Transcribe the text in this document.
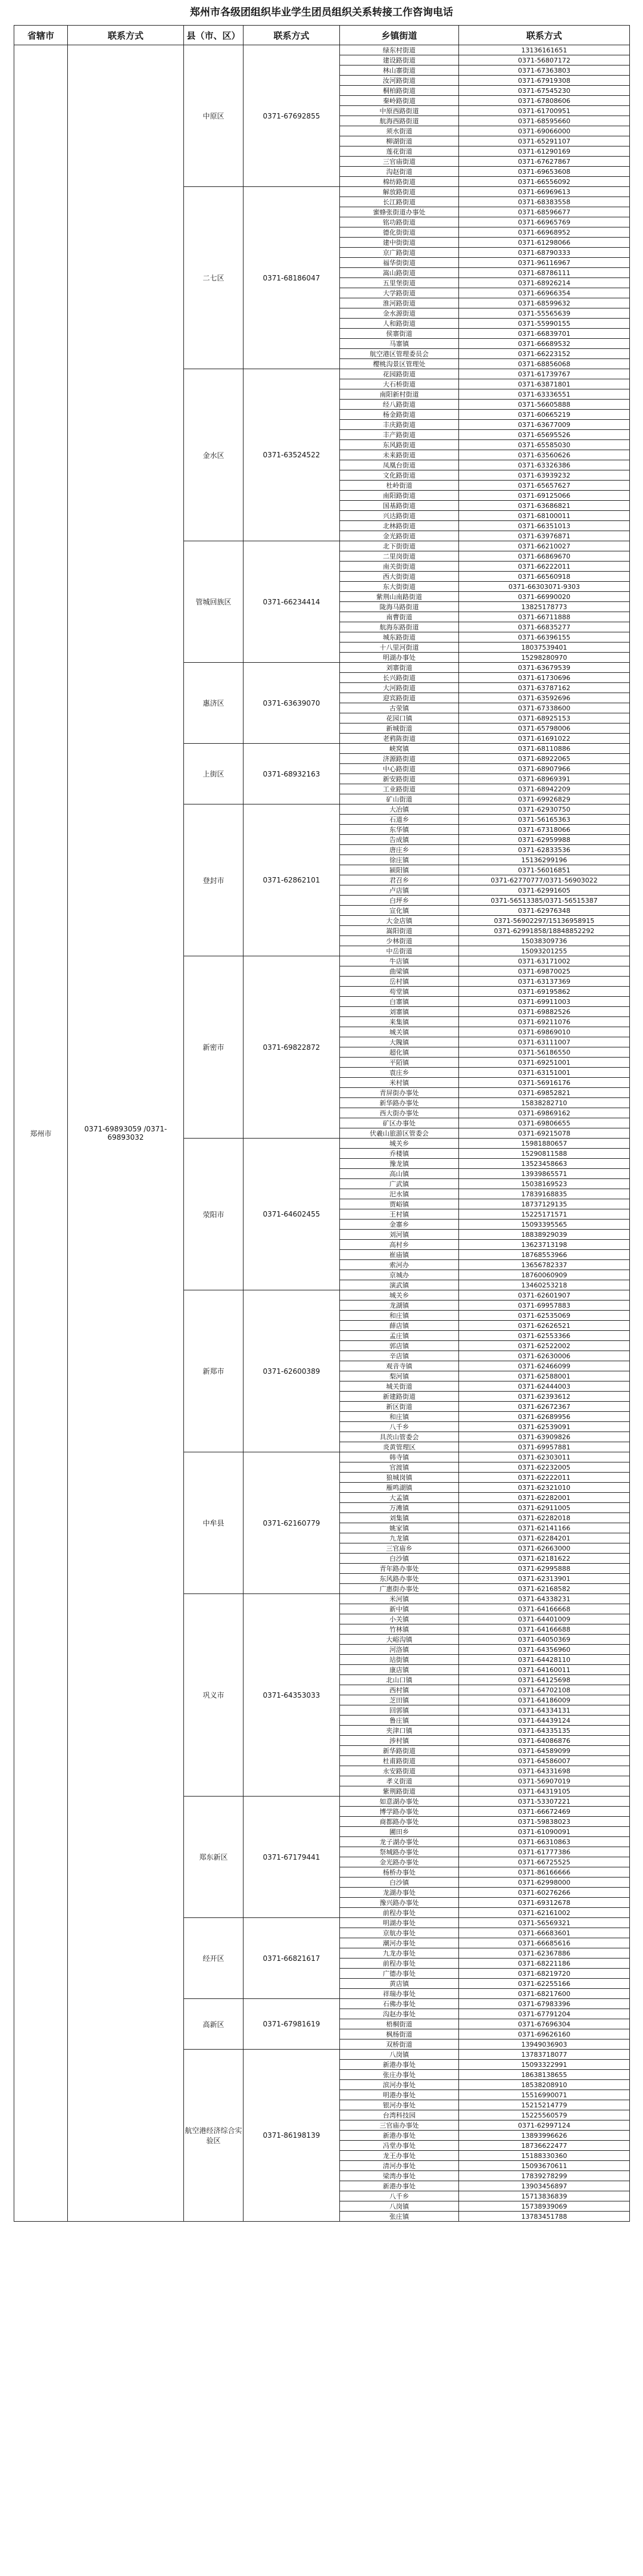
郑州市各级团组织毕业学生团员组织关系转接工作咨询电话
省辖市	联系方式	县（市、区）	联系方式	乡镇街道	联系方式
郑州市	0371-69893059 /0371-69893032	中原区	0371-67692855	绿东村街道	13136161651
				建设路街道	0371-56807172
				林山寨街道	0371-67363803
				汝河路街道	0371-67919308
				桐柏路街道	0371-67545230
				秦岭路街道	0371-67808606
				中原西路街道	0371-61700951
				航海西路街道	0371-68595660
				须水街道	0371-69066000
				柳湖街道	0371-65291107
				莲花街道	0371-61290169
				三官庙街道	0371-67627867
				沟赵街道	0371-69653608
				棉纺路街道	0371-66556092
		二七区	0371-68186047	解放路街道	0371-66969613
				长江路街道	0371-68383558
				蜜蜂张街道办事处	0371-68596677
				铭功路街道	0371-66965769
				德化街街道	0371-66968952
				建中街街道	0371-61298066
				京广路街道	0371-68790333
				福华街街道	0371-96116967
				嵩山路街道	0371-68786111
				五里堡街道	0371-68926214
				大学路街道	0371-66966354
				淮河路街道	0371-68599632
				金水源街道	0371-55565639
				人和路街道	0371-55990155
				侯寨街道	0371-66839701
				马寨镇	0371-66689532
				航空港区管理委员会	0371-66223152
				樱桃沟景区管理处	0371-68856068
		金水区	0371-63524522	花园路街道	0371-61739767
				大石桥街道	0371-63871801
				南阳新村街道	0371-63336551
				经八路街道	0371-56605888
				杨金路街道	0371-60665219
				丰庆路街道	0371-63677009
				丰产路街道	0371-65695526
				东风路街道	0371-65585030
				未来路街道	0371-63560626
				凤凰台街道	0371-63326386
				文化路街道	0371-63939232
				杜岭街道	0371-65657627
				南阳路街道	0371-69125066
				国基路街道	0371-63686821
				兴达路街道	0371-68100011
				北林路街道	0371-66351013
				金光路街道	0371-63976871
		管城回族区	0371-66234414	北下街街道	0371-66210027
				二里岗街道	0371-66869670
				南关街街道	0371-66222011
				西大街街道	0371-66560918
				东大街街道	0371-66303071-9303
				紫荆山南路街道	0371-66990020
				陇海马路街道	13825178773
				南曹街道	0371-66711888
				航海东路街道	0371-66835277
				城东路街道	0371-66396155
				十八里河街道	18037539401
				明湖办事处	15298280970
		惠济区	0371-63639070	刘寨街道	0371-63679539
				长兴路街道	0371-61730696
				大河路街道	0371-63787162
				迎宾路街道	0371-63592696
				古荥镇	0371-67338600
				花园口镇	0371-68925153
				新城街道	0371-65798006
				老鸦陈街道	0371-61691022
		上街区	0371-68932163	峡窝镇	0371-68110886
				济源路街道	0371-68922065
				中心路街道	0371-68907966
				新安路街道	0371-68969391
				工业路街道	0371-68942209
				矿山街道	0371-69926829
		登封市	0371-62862101	大冶镇	0371-62930750
				石道乡	0371-56165363
				东华镇	0371-67318066
				告成镇	0371-62959988
				唐庄乡	0371-62833536
				徐庄镇	15136299196
				颍阳镇	0371-56016851
				君召乡	0371-62770777/0371-56903022
				卢店镇	0371-62991605
				白坪乡	0371-56513385/0371-56515387
				宣化镇	0371-62976348
				大金店镇	0371-56902297/15136958915
				嵩阳街道	0371-62991858/18848852292
				少林街道	15038309736
				中岳街道	15093201255
		新密市	0371-69822872	牛店镇	0371-63171002
				曲梁镇	0371-69870025
				岳村镇	0371-63137369
				苟堂镇	0371-69195862
				白寨镇	0371-69911003
				刘寨镇	0371-69882526
				来集镇	0371-69211076
				城关镇	0371-69869010
				大隗镇	0371-63111007
				超化镇	0371-56186550
				平陌镇	0371-69251001
				袁庄乡	0371-63151001
				米村镇	0371-56916176
				青屏街办事处	0371-69852821
				新华路办事处	15838282710
				西大街办事处	0371-69869162
				矿区办事处	0371-69806655
				伏羲山旅游区管委会	0371-69215078
		荥阳市	0371-64602455	城关乡	15981880657
				乔楼镇	15290811588
				豫龙镇	13523458663
				高山镇	13939865571
				广武镇	15038169523
				汜水镇	17839168835
				贾峪镇	18737129135
				王村镇	15225171571
				金寨乡	15093395565
				刘河镇	18838929039
				高村乡	13623713198
				崔庙镇	18768553966
				索河办	13656782337
				京城办	18760060909
				演武镇	13460253218
		新郑市	0371-62600389	城关乡	0371-62601907
				龙湖镇	0371-69957883
				和庄镇	0371-62535069
				薛店镇	0371-62626521
				孟庄镇	0371-62553366
				郭店镇	0371-62522002
				辛店镇	0371-62630006
				观音寺镇	0371-62466099
				梨河镇	0371-62588001
				城关街道	0371-62444003
				新建路街道	0371-62393612
				新区街道	0371-62672367
				和庄镇	0371-62689956
				八千乡	0371-62539091
				具茨山管委会	0371-63909826
				炎黄管理区	0371-69957881
		中牟县	0371-62160779	韩寺镇	0371-62303011
				官渡镇	0371-62232005
				狼城岗镇	0371-62222011
				雁鸣湖镇	0371-62321010
				大孟镇	0371-62282001
				万滩镇	0371-62911005
				刘集镇	0371-62282018
				姚家镇	0371-62141166
				九龙镇	0371-62284201
				三官庙乡	0371-62663000
				白沙镇	0371-62181622
				青年路办事处	0371-62995888
				东风路办事处	0371-62313901
				广惠街办事处	0371-62168582
		巩义市	0371-64353033	米河镇	0371-64338231
				新中镇	0371-64166668
				小关镇	0371-64401009
				竹林镇	0371-64166688
				大峪沟镇	0371-64050369
				河洛镇	0371-64356960
				站街镇	0371-64428110
				康店镇	0371-64160011
				北山口镇	0371-64125698
				西村镇	0371-64702108
				芝田镇	0371-64186009
				回郭镇	0371-64334131
				鲁庄镇	0371-64439124
				夹津口镇	0371-64335135
				涉村镇	0371-64086876
				新华路街道	0371-64589099
				杜甫路街道	0371-64586007
				永安路街道	0371-64331698
				孝义街道	0371-56907019
				紫荆路街道	0371-64319105
		郑东新区	0371-67179441	如意湖办事处	0371-53307221
				博学路办事处	0371-66672469
				商都路办事处	0371-59838023
				圃田乡	0371-61090091
				龙子湖办事处	0371-66310863
				祭城路办事处	0371-61777386
				金光路办事处	0371-66725525
				杨桥办事处	0371-86166666
				白沙镇	0371-62998000
				龙湖办事处	0371-60276266
				豫兴路办事处	0371-69312678
				前程办事处	0371-62161002
		经开区	0371-66821617	明湖办事处	0371-56569321
				京航办事处	0371-66683601
				潮河办事处	0371-66685616
				九龙办事处	0371-62367886
				前程办事处	0371-68221186
				广德办事处	0371-68219720
				黄店镇	0371-62255166
				祥瑞办事处	0371-68217600
		高新区	0371-67981619	石佛办事处	0371-67983396
				沟赵办事处	0371-67791204
				梧桐街道	0371-67696304
				枫杨街道	0371-69626160
				双桥街道	13949036903
		航空港经济综合实验区	0371-86198139	八岗镇	13783718077
				新港办事处	15093322991
				张庄办事处	18638138655
				滨河办事处	18538208910
				明港办事处	15516990071
				银河办事处	15215214779
				台湾科技园	15225560579
				三官庙办事处	0371-62997124
				新港办事处	13893996626
				冯堂办事处	18736622477
				龙王办事处	15188330360
				清河办事处	15093670611
				梁湾办事处	17839278299
				新港办事处	13903456897
				八千乡	15713836839
				八岗镇	15738939069
				张庄镇	13783451788
